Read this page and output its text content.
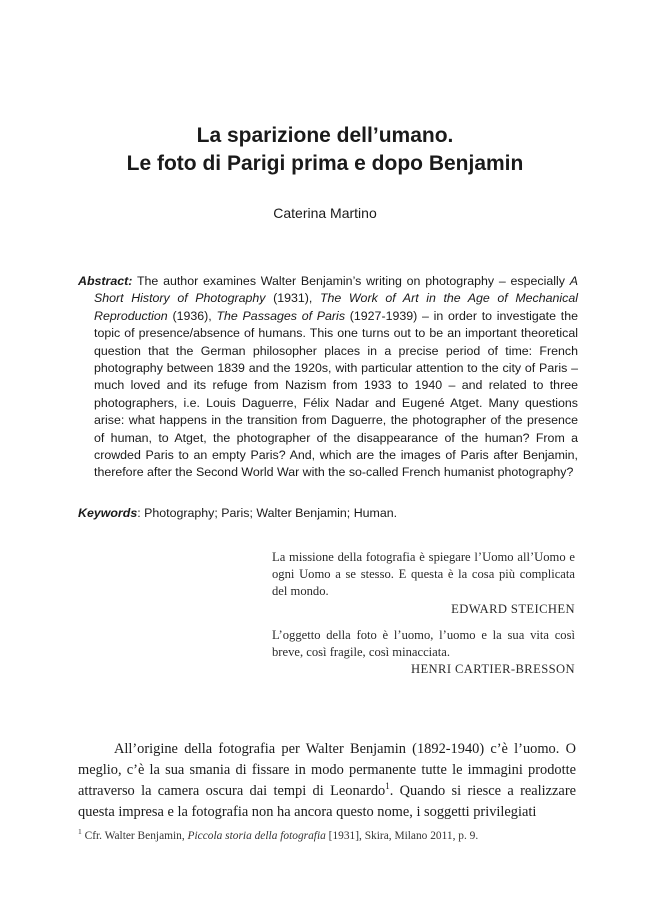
La sparizione dell’umano.
Le foto di Parigi prima e dopo Benjamin
Caterina Martino
Abstract: The author examines Walter Benjamin’s writing on photography – especially A Short History of Photography (1931), The Work of Art in the Age of Mechanical Reproduction (1936), The Passages of Paris (1927-1939) – in order to investigate the topic of presence/absence of humans. This one turns out to be an important theoretical question that the German philosopher places in a precise period of time: French photography between 1839 and the 1920s, with particular attention to the city of Paris – much loved and its refuge from Nazism from 1933 to 1940 – and related to three photographers, i.e. Louis Daguerre, Félix Nadar and Eugené Atget. Many questions arise: what happens in the transition from Daguerre, the photographer of the presence of human, to Atget, the photographer of the disappearance of the human? From a crowded Paris to an empty Paris? And, which are the images of Paris after Benjamin, therefore after the Second World War with the so-called French humanist photography?
Keywords: Photography; Paris; Walter Benjamin; Human.

La missione della fotografia è spiegare l’Uomo all’Uomo e ogni Uomo a se stesso. E questa è la cosa più complicata del mondo.

EDWARD STEICHEN

L’oggetto della foto è l’uomo, l’uomo e la sua vita così breve, così fragile, così minacciata.

HENRI CARTIER-BRESSON

All’origine della fotografia per Walter Benjamin (1892-1940) c’è l’uomo. O meglio, c’è la sua smania di fissare in modo permanente tutte le immagini prodotte attraverso la camera oscura dai tempi di Leonardo$^1$. Quando si riesce a realizzare questa impresa e la fotografia non ha ancora questo nome, i soggetti privilegiati

$^1$ Cfr. Walter Benjamin, Piccola storia della fotografia [1931], Skira, Milano 2011, p. 9.
